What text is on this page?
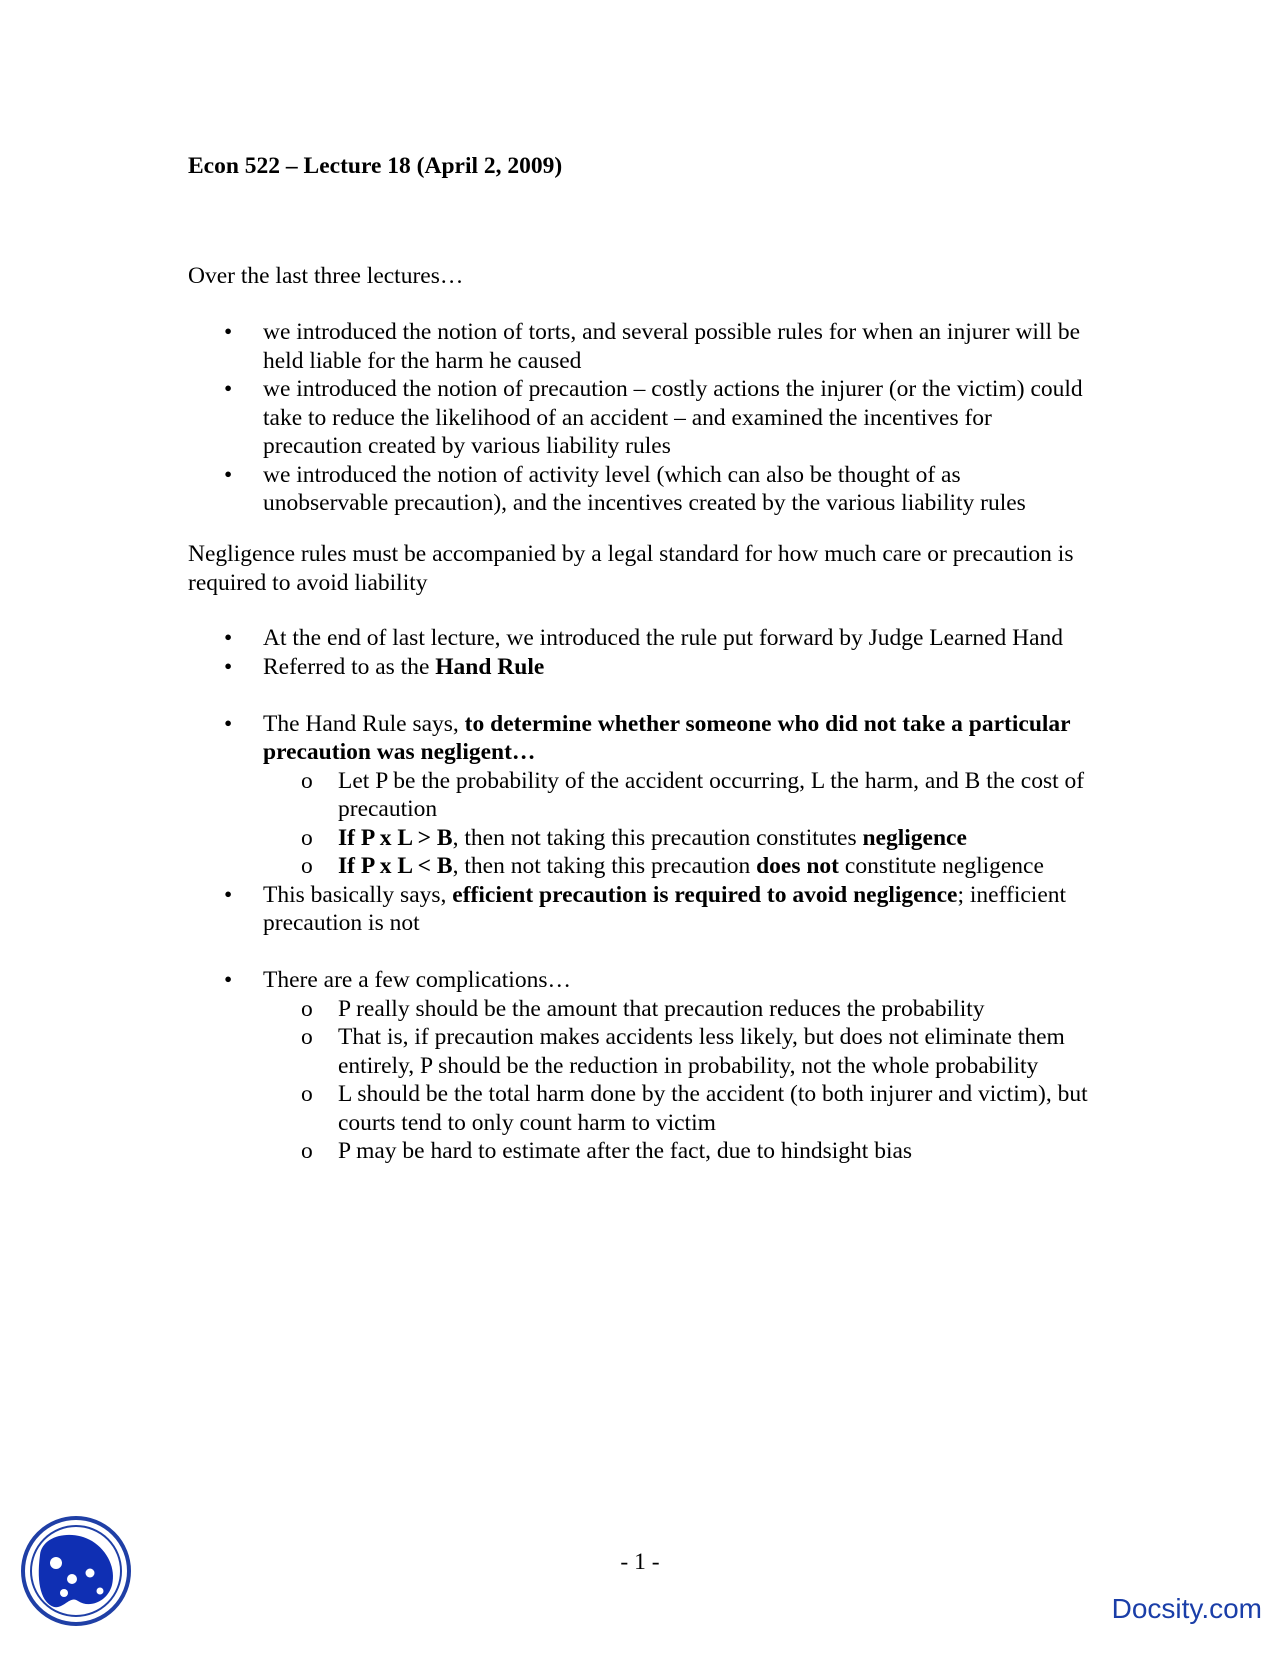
Econ 522 – Lecture 18 (April 2, 2009)
Over the last three lectures…
• we introduced the notion of torts, and several possible rules for when an injurer will be held liable for the harm he caused
• we introduced the notion of precaution – costly actions the injurer (or the victim) could take to reduce the likelihood of an accident – and examined the incentives for precaution created by various liability rules
• we introduced the notion of activity level (which can also be thought of as unobservable precaution), and the incentives created by the various liability rules
Negligence rules must be accompanied by a legal standard for how much care or precaution is required to avoid liability
• At the end of last lecture, we introduced the rule put forward by Judge Learned Hand
• Referred to as the Hand Rule
• The Hand Rule says, to determine whether someone who did not take a particular precaution was negligent…
o Let P be the probability of the accident occurring, L the harm, and B the cost of precaution
o If P x L > B, then not taking this precaution constitutes negligence
o If P x L < B, then not taking this precaution does not constitute negligence
• This basically says, efficient precaution is required to avoid negligence; inefficient precaution is not
• There are a few complications…
o P really should be the amount that precaution reduces the probability
o That is, if precaution makes accidents less likely, but does not eliminate them entirely, P should be the reduction in probability, not the whole probability
o L should be the total harm done by the accident (to both injurer and victim), but courts tend to only count harm to victim
o P may be hard to estimate after the fact, due to hindsight bias
- 1 -
Docsity.com
